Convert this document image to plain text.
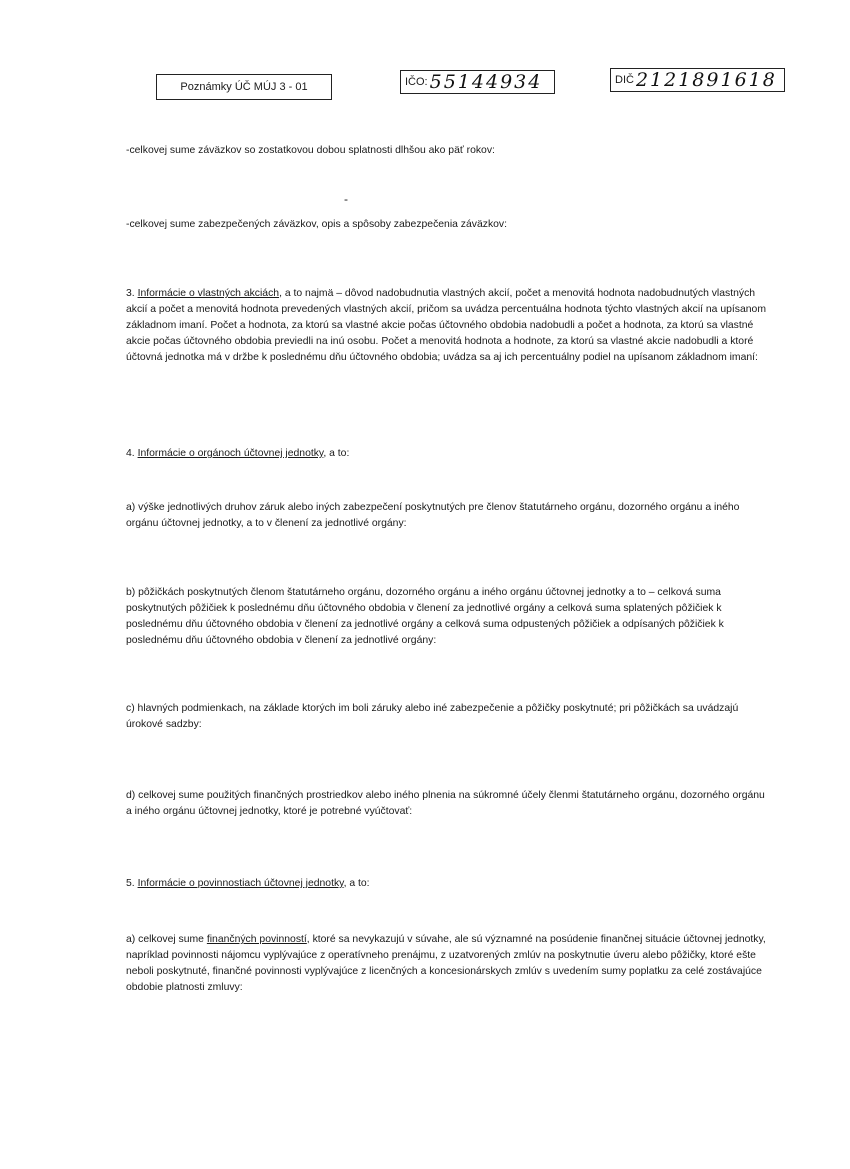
Poznámky ÚČ MÚJ 3 - 01	IČO: 55144934	DIČ 2121891618

-celkovej sume záväzkov so zostatkovou dobou splatnosti dlhšou ako päť rokov:

-

-celkovej sume zabezpečených záväzkov, opis a spôsoby zabezpečenia záväzkov:

3. Informácie o vlastných akciách, a to najmä – dôvod nadobudnutia vlastných akcií, počet a menovitá hodnota nadobudnutých vlastných akcií a počet a menovitá hodnota prevedených vlastných akcií, pričom sa uvádza percentuálna hodnota týchto vlastných akcií na upísanom základnom imaní. Počet a hodnota, za ktorú sa vlastné akcie počas účtovného obdobia nadobudli a počet a hodnota, za ktorú sa vlastné akcie počas účtovného obdobia previedli na inú osobu. Počet a menovitá hodnota a hodnote, za ktorú sa vlastné akcie nadobudli a ktoré účtovná jednotka má v držbe k poslednému dňu účtovného obdobia; uvádza sa aj ich percentuálny podiel na upísanom základnom imaní:

4. Informácie o orgánoch účtovnej jednotky, a to:

a) výške jednotlivých druhov záruk alebo iných zabezpečení poskytnutých pre členov štatutárneho orgánu, dozorného orgánu a iného orgánu účtovnej jednotky, a to v členení za jednotlivé orgány:

b) pôžičkách poskytnutých členom štatutárneho orgánu, dozorného orgánu a iného orgánu účtovnej jednotky a to – celková suma poskytnutých pôžičiek k poslednému dňu účtovného obdobia v členení za jednotlivé orgány a celková suma splatených pôžičiek k poslednému dňu účtovného obdobia v členení za jednotlivé orgány a celková suma odpustených pôžičiek a odpísaných pôžičiek k poslednému dňu účtovného obdobia v členení za jednotlivé orgány:

c) hlavných podmienkach, na základe ktorých im boli záruky alebo iné zabezpečenie a pôžičky poskytnuté; pri pôžičkách sa uvádzajú úrokové sadzby:

d) celkovej sume použitých finančných prostriedkov alebo iného plnenia na súkromné účely členmi štatutárneho orgánu, dozorného orgánu a iného orgánu účtovnej jednotky, ktoré je potrebné vyúčtovať:

5. Informácie o povinnostiach účtovnej jednotky, a to:

a) celkovej sume finančných povinností, ktoré sa nevykazujú v súvahe, ale sú významné na posúdenie finančnej situácie účtovnej jednotky, napríklad povinnosti nájomcu vyplývajúce z operatívneho prenájmu, z uzatvorených zmlúv na poskytnutie úveru alebo pôžičky, ktoré ešte neboli poskytnuté, finančné povinnosti vyplývajúce z licenčných a koncesionárskych zmlúv s uvedením sumy poplatku za celé zostávajúce obdobie platnosti zmluvy:
